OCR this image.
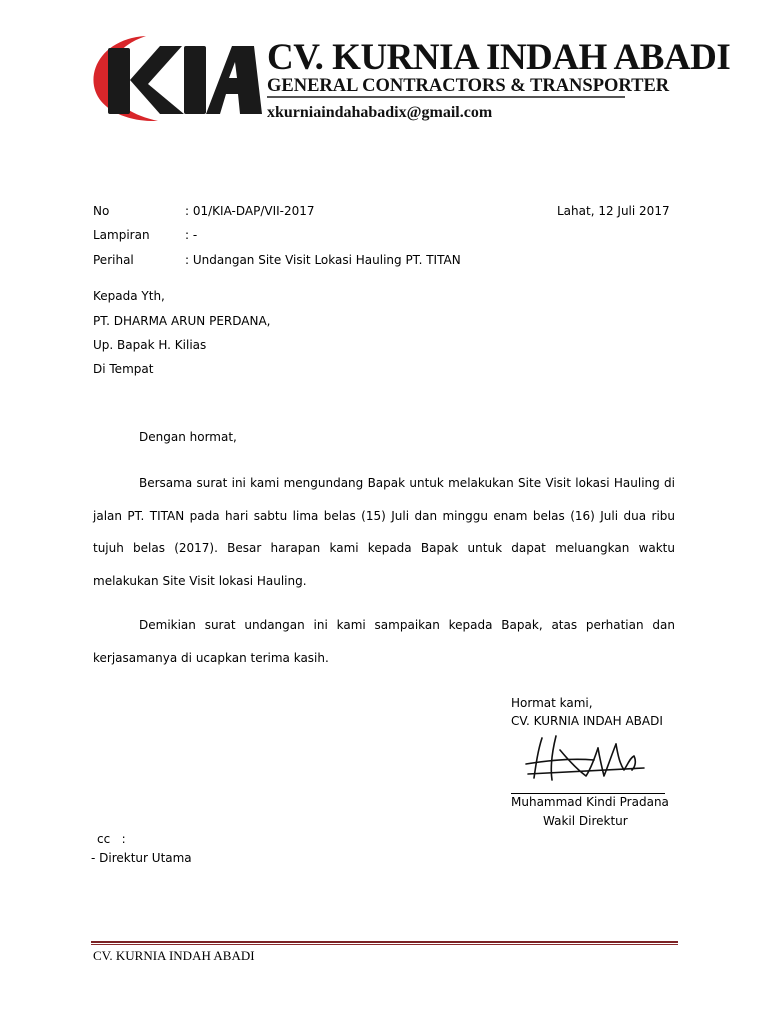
CV. KURNIA INDAH ABADI
GENERAL CONTRACTORS & TRANSPORTER
xkurniaindahabadix@gmail.com
No	: 01/KIA-DAP/VII-2017	Lahat, 12 Juli 2017
Lampiran	: -
Perihal	: Undangan Site Visit Lokasi Hauling PT. TITAN
Kepada Yth,
PT. DHARMA ARUN PERDANA,
Up. Bapak H. Kilias
Di Tempat
Dengan hormat,

Bersama surat ini kami mengundang Bapak untuk melakukan Site Visit lokasi Hauling di jalan PT. TITAN pada hari sabtu lima belas (15) Juli dan minggu enam belas (16) Juli dua ribu tujuh belas (2017). Besar harapan kami kepada Bapak untuk dapat meluangkan waktu melakukan Site Visit lokasi Hauling.

Demikian surat undangan ini kami sampaikan kepada Bapak, atas perhatian dan kerjasamanya di ucapkan terima kasih.

Hormat kami,
CV. KURNIA INDAH ABADI
Muhammad Kindi Pradana
Wakil Direktur
cc   :
- Direktur Utama
CV. KURNIA INDAH ABADI
